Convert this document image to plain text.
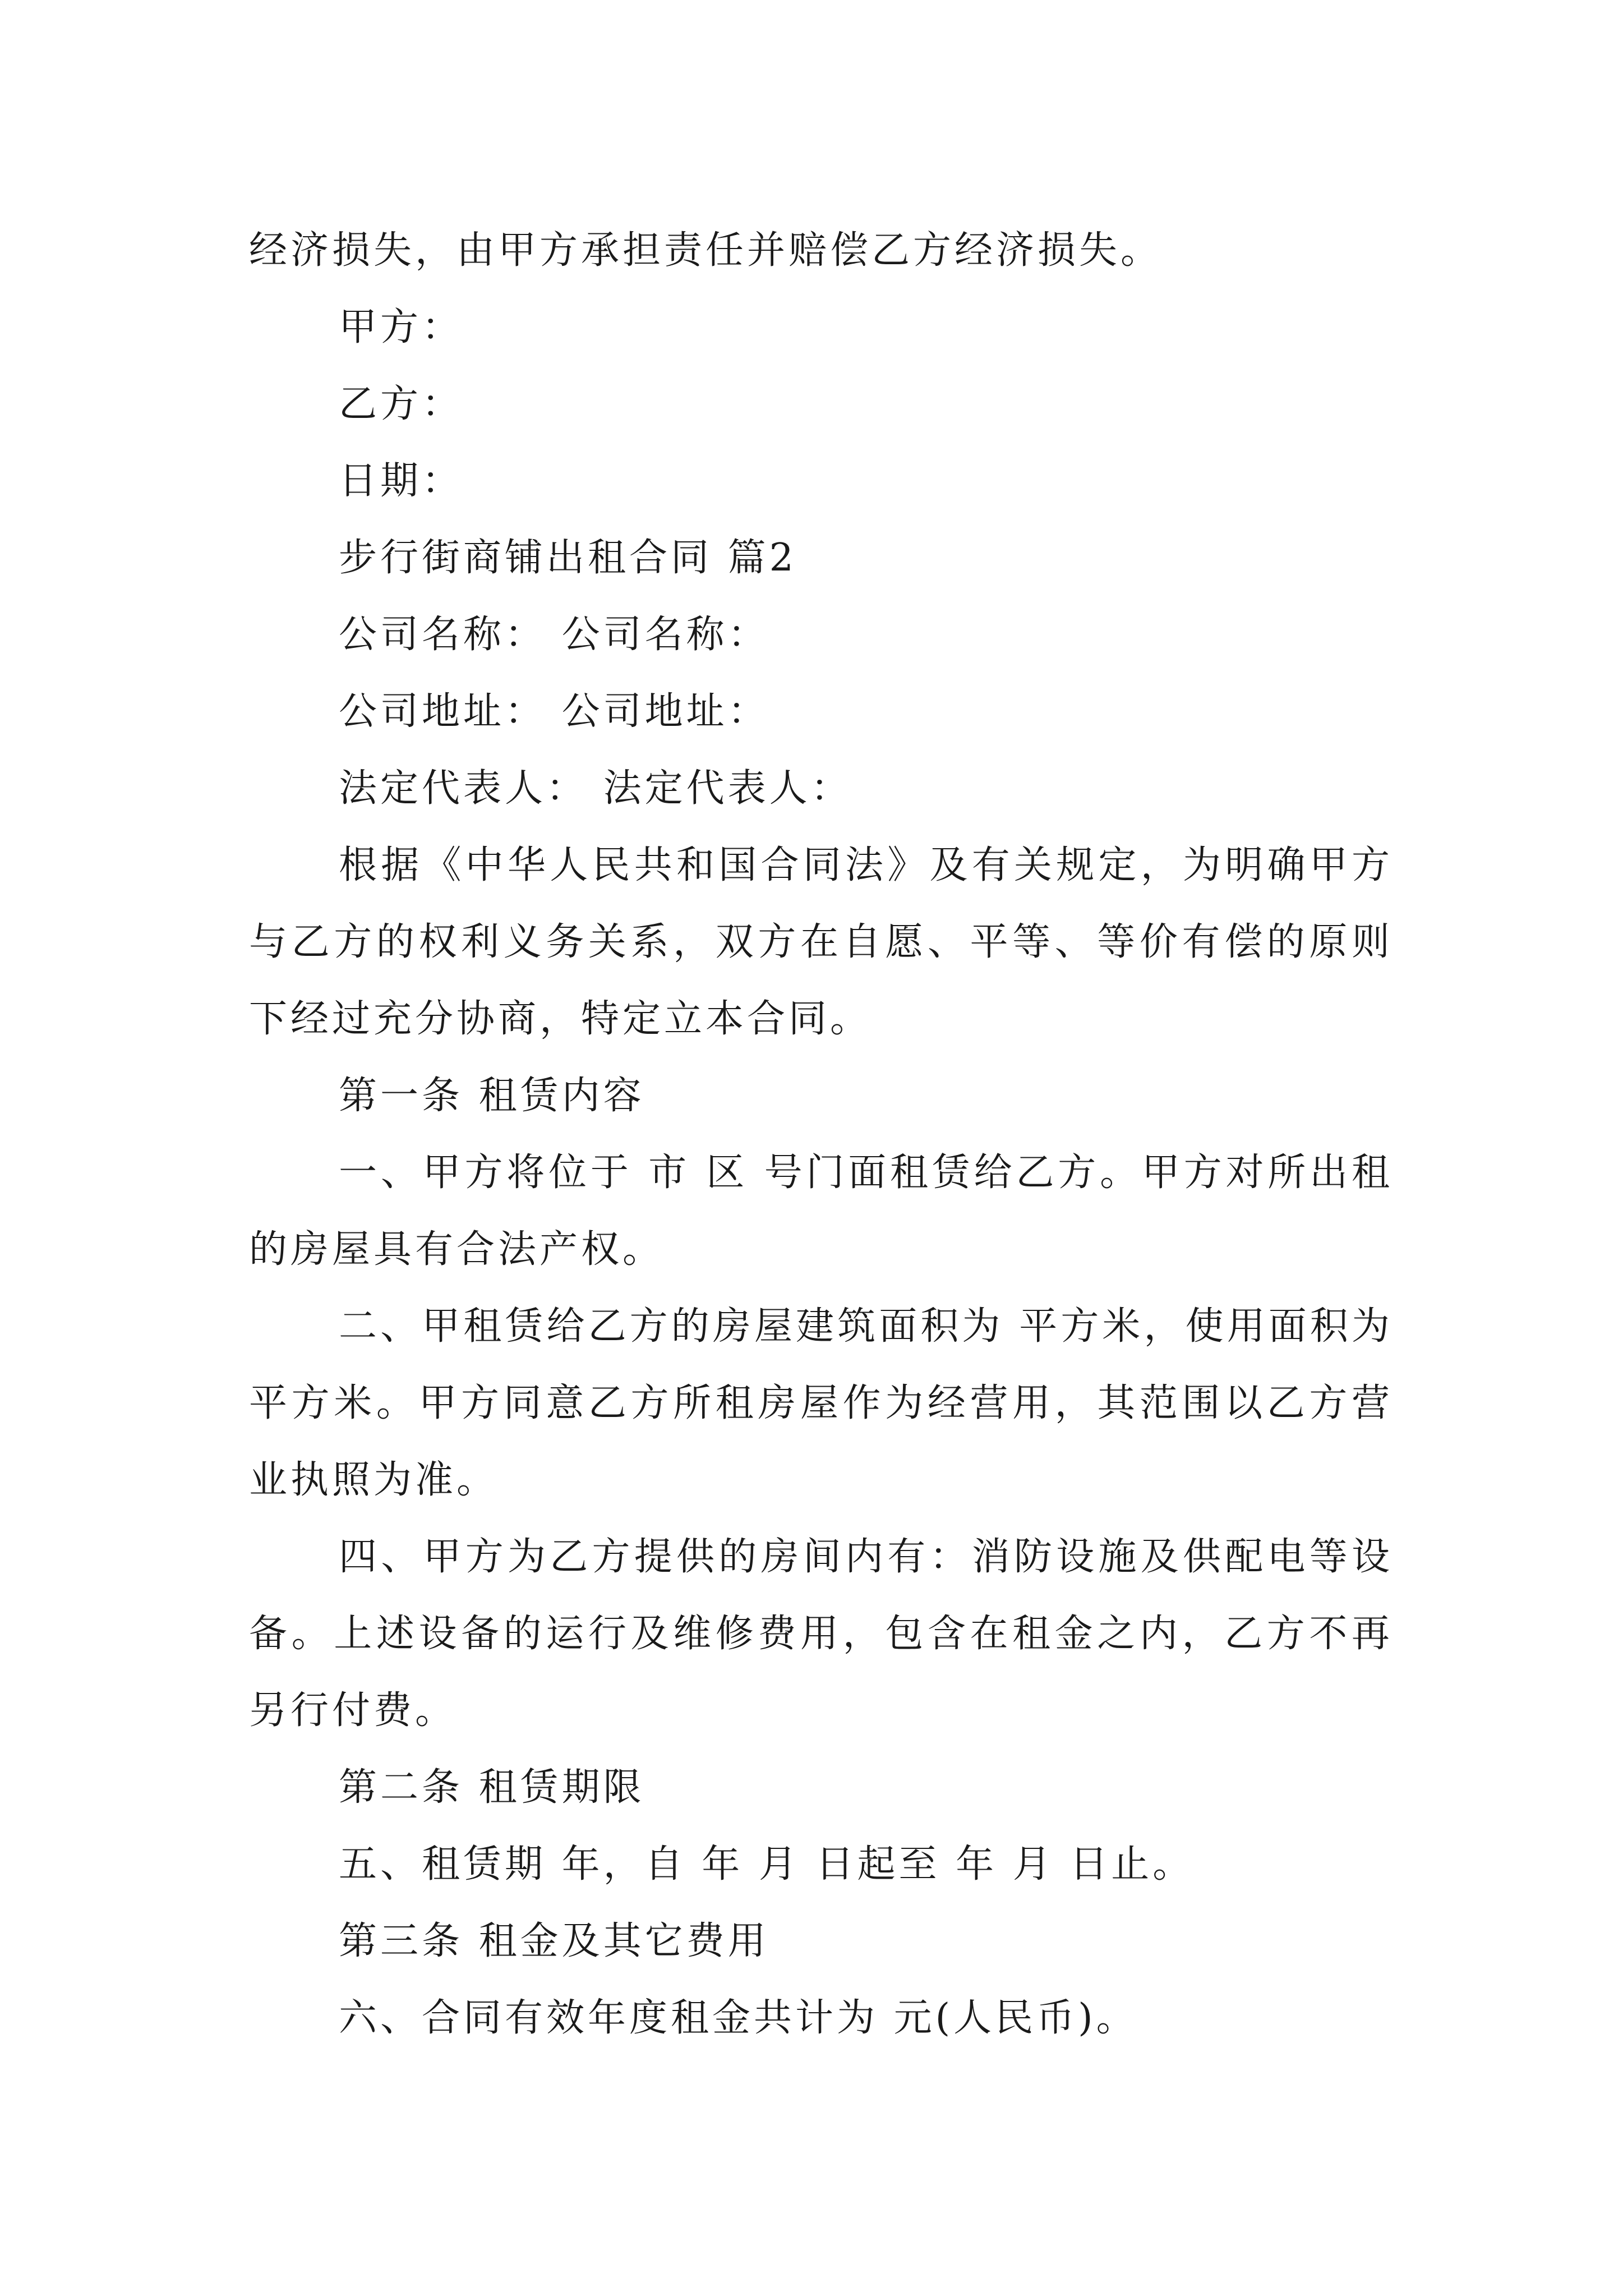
经济损失，由甲方承担责任并赔偿乙方经济损失。

甲方：

乙方：

日期：

步行街商铺出租合同 篇2

公司名称： 公司名称：

公司地址： 公司地址：

法定代表人： 法定代表人：

根据《中华人民共和国合同法》及有关规定，为明确甲方与乙方的权利义务关系，双方在自愿、平等、等价有偿的原则下经过充分协商，特定立本合同。

第一条 租赁内容

一、甲方将位于 市 区 号门面租赁给乙方。甲方对所出租的房屋具有合法产权。

二、甲租赁给乙方的房屋建筑面积为 平方米，使用面积为 平方米。甲方同意乙方所租房屋作为经营用，其范围以乙方营业执照为准。

四、甲方为乙方提供的房间内有：消防设施及供配电等设备。上述设备的运行及维修费用，包含在租金之内，乙方不再另行付费。

第二条 租赁期限

五、租赁期 年，自 年 月 日起至 年 月 日止。

第三条 租金及其它费用

六、合同有效年度租金共计为 元(人民币)。
